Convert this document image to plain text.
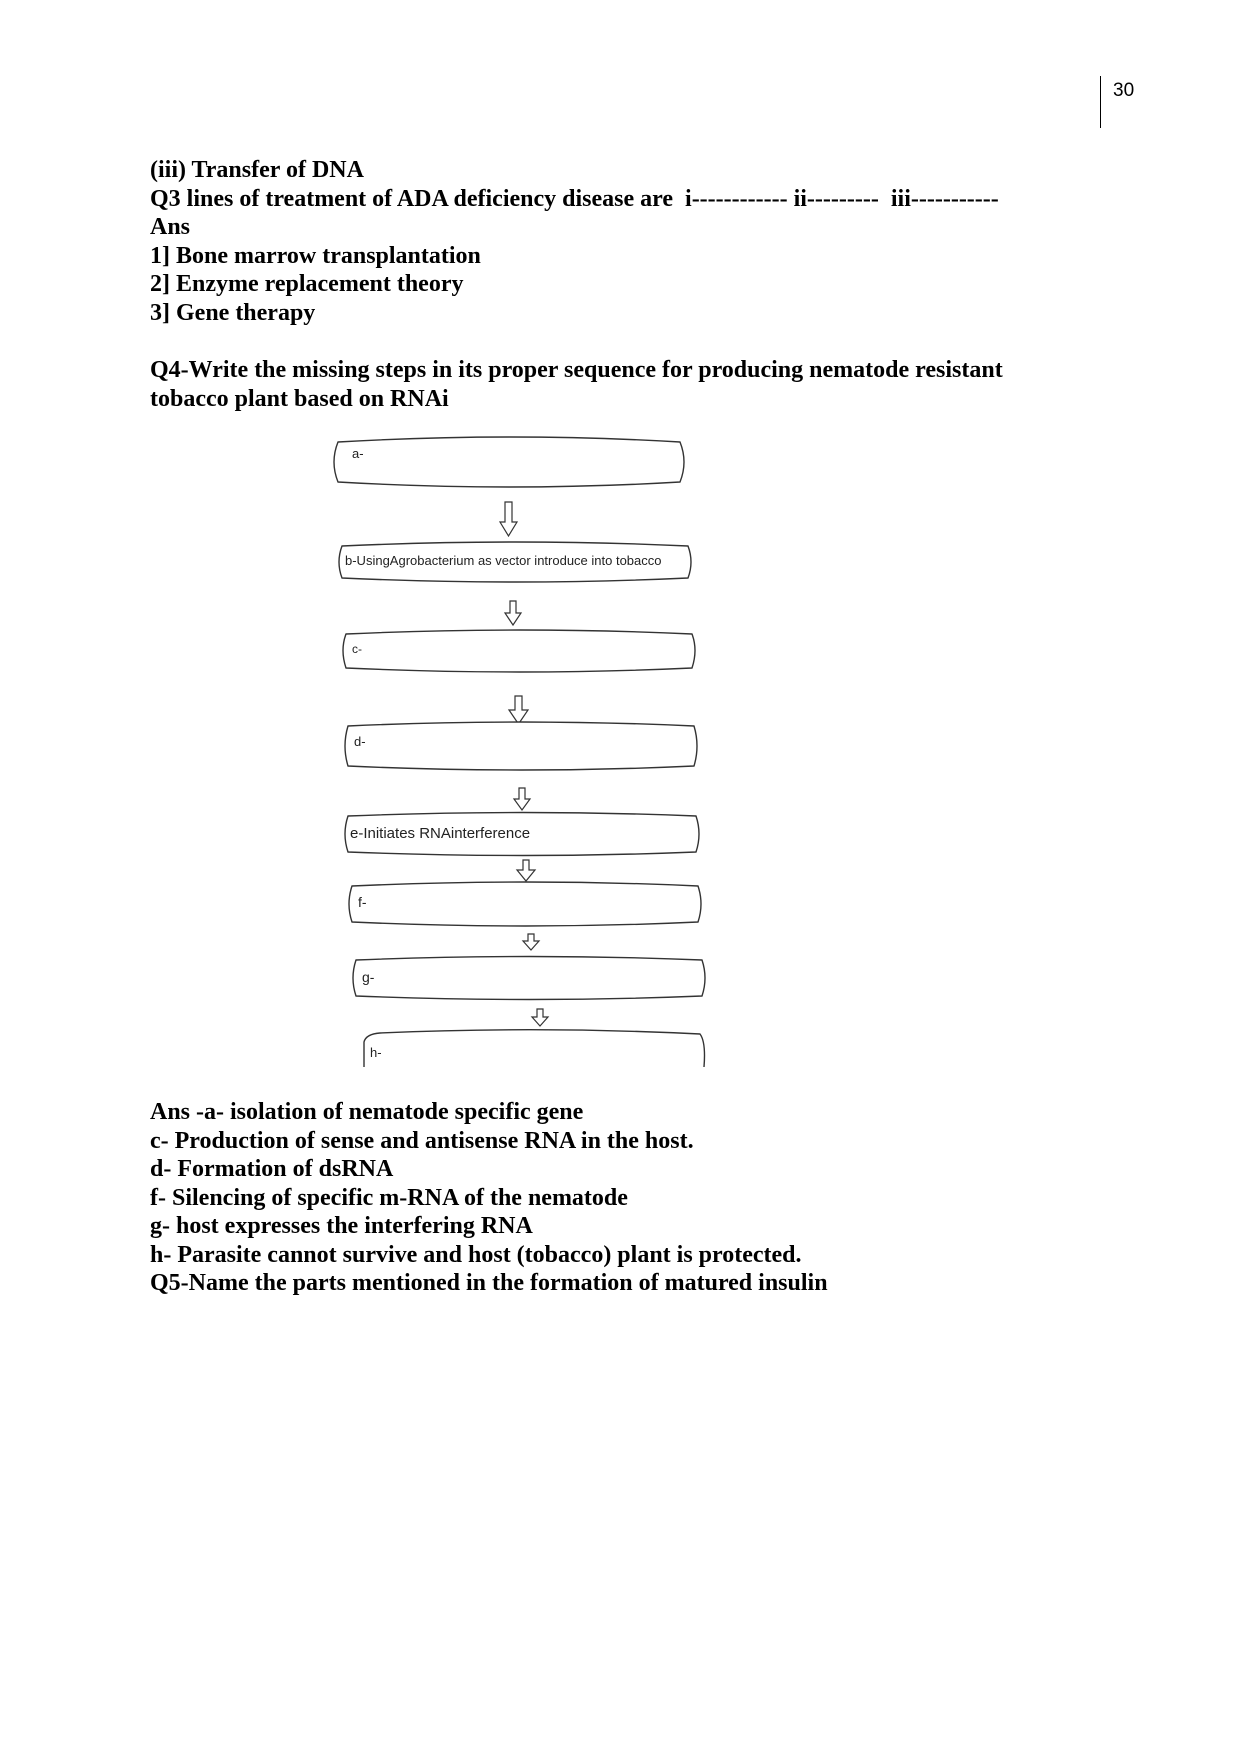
30
(iii) Transfer of DNA
Q3 lines of treatment of ADA deficiency disease are  i------------ ii---------  iii-----------
Ans
1] Bone marrow transplantation
2] Enzyme replacement theory
3] Gene therapy
Q4-Write the missing steps in its proper sequence for producing nematode resistant
tobacco plant based on RNAi
a-
b-UsingAgrobacterium as vector introduce into tobacco
c-
d-
e-Initiates RNAinterference
f-
g-
h-
Ans -a- isolation of nematode specific gene
c- Production of sense and antisense RNA in the host.
d- Formation of dsRNA
f- Silencing of specific m-RNA of the nematode
g- host expresses the interfering RNA
h- Parasite cannot survive and host (tobacco) plant is protected.
Q5-Name the parts mentioned in the formation of matured insulin
